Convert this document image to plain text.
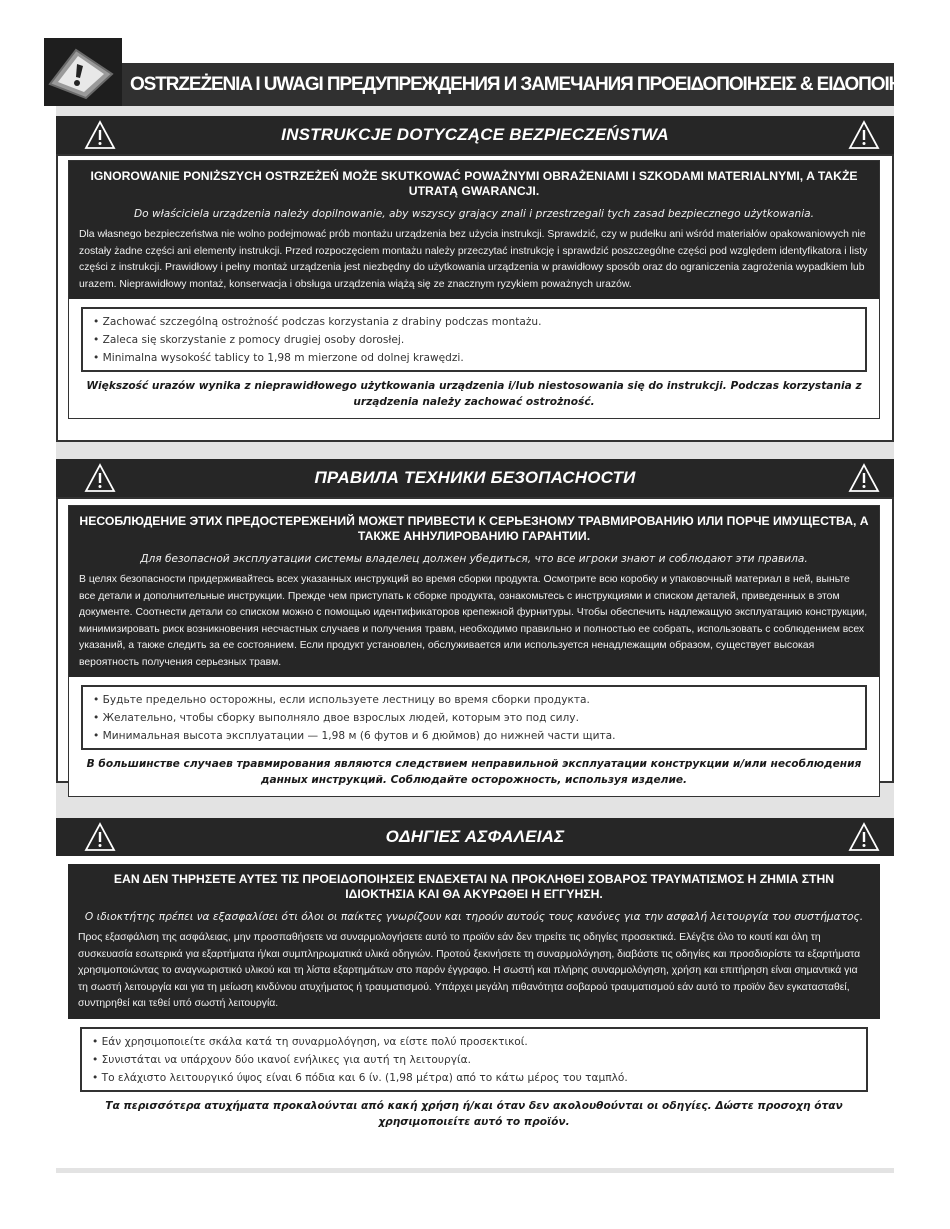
OSTRZEŻENIA I UWAGI ПРЕДУПРЕЖДЕНИЯ И ЗАМЕЧАНИЯ ΠΡΟΕΙΔΟΠΟΙΗΣΕΙΣ & ΕΙΔΟΠΟΙΗΣΕΙΣ
INSTRUKCJE DOTYCZĄCE BEZPIECZEŃSTWA
IGNOROWANIE PONIŻSZYCH OSTRZEŻEŃ MOŻE SKUTKOWAĆ POWAŻNYMI OBRAŻENIAMI I SZKODAMI MATERIALNYMI, A TAKŻE UTRATĄ GWARANCJI.
Do właściciela urządzenia należy dopilnowanie, aby wszyscy grający znali i przestrzegali tych zasad bezpiecznego użytkowania.
Dla własnego bezpieczeństwa nie wolno podejmować prób montażu urządzenia bez użycia instrukcji. Sprawdzić, czy w pudełku ani wśród materiałów opakowaniowych nie zostały żadne części ani elementy instrukcji. Przed rozpoczęciem montażu należy przeczytać instrukcję i sprawdzić poszczególne części pod względem identyfikatora i listy części z instrukcji. Prawidłowy i pełny montaż urządzenia jest niezbędny do użytkowania urządzenia w prawidłowy sposób oraz do ograniczenia zagrożenia wypadkiem lub urazem. Nieprawidłowy montaż, konserwacja i obsługa urządzenia wiążą się ze znacznym ryzykiem poważnych urazów.
• Zachować szczególną ostrożność podczas korzystania z drabiny podczas montażu.
• Zaleca się skorzystanie z pomocy drugiej osoby dorosłej.
• Minimalna wysokość tablicy to 1,98 m mierzone od dolnej krawędzi.
Większość urazów wynika z nieprawidłowego użytkowania urządzenia i/lub niestosowania się do instrukcji. Podczas korzystania z urządzenia należy zachować ostrożność.
ПРАВИЛА ТЕХНИКИ БЕЗОПАСНОСТИ
НЕСОБЛЮДЕНИЕ ЭТИХ ПРЕДОСТЕРЕЖЕНИЙ МОЖЕТ ПРИВЕСТИ К СЕРЬЕЗНОМУ ТРАВМИРОВАНИЮ ИЛИ ПОРЧЕ ИМУЩЕСТВА, А ТАКЖЕ АННУЛИРОВАНИЮ ГАРАНТИИ.
Для безопасной эксплуатации системы владелец должен убедиться, что все игроки знают и соблюдают эти правила.
В целях безопасности придерживайтесь всех указанных инструкций во время сборки продукта. Осмотрите всю коробку и упаковочный материал в ней, выньте все детали и дополнительные инструкции. Прежде чем приступать к сборке продукта, ознакомьтесь с инструкциями и списком деталей, приведенных в этом документе. Соотнести детали со списком можно с помощью идентификаторов крепежной фурнитуры. Чтобы обеспечить надлежащую эксплуатацию конструкции, минимизировать риск возникновения несчастных случаев и получения травм, необходимо правильно и полностью ее собрать, использовать с соблюдением всех указаний, а также следить за ее состоянием. Если продукт установлен, обслуживается или используется ненадлежащим образом, существует высокая вероятность получения серьезных травм.
• Будьте предельно осторожны, если используете лестницу во время сборки продукта.
• Желательно, чтобы сборку выполняло двое взрослых людей, которым это под силу.
• Минимальная высота эксплуатации — 1,98 м (6 футов и 6 дюймов) до нижней части щита.
В большинстве случаев травмирования являются следствием неправильной эксплуатации конструкции и/или несоблюдения данных инструкций. Соблюдайте осторожность, используя изделие.
ΟΔΗΓΙΕΣ ΑΣΦΑΛΕΙΑΣ
ΕΑΝ ΔΕΝ ΤΗΡΗΣΕΤΕ ΑΥΤΕΣ ΤΙΣ ΠΡΟΕΙΔΟΠΟΙΗΣΕΙΣ ΕΝΔΕΧΕΤΑΙ ΝΑ ΠΡΟΚΛΗΘΕΙ ΣΟΒΑΡΟΣ ΤΡΑΥΜΑΤΙΣΜΟΣ Η ΖΗΜΙΑ ΣΤΗΝ ΙΔΙΟΚΤΗΣΙΑ ΚΑΙ ΘΑ ΑΚΥΡΩΘΕΙ Η ΕΓΓΥΗΣΗ.
Ο ιδιοκτήτης πρέπει να εξασφαλίσει ότι όλοι οι παίκτες γνωρίζουν και τηρούν αυτούς τους κανόνες για την ασφαλή λειτουργία του συστήματος.
Προς εξασφάλιση της ασφάλειας, μην προσπαθήσετε να συναρμολογήσετε αυτό το προϊόν εάν δεν τηρείτε τις οδηγίες προσεκτικά. Ελέγξτε όλο το κουτί και όλη τη συσκευασία εσωτερικά για εξαρτήματα ή/και συμπληρωματικά υλικά οδηγιών. Προτού ξεκινήσετε τη συναρμολόγηση, διαβάστε τις οδηγίες και προσδιορίστε τα εξαρτήματα χρησιμοποιώντας το αναγνωριστικό υλικού και τη λίστα εξαρτημάτων στο παρόν έγγραφο. Η σωστή και πλήρης συναρμολόγηση, χρήση και επιτήρηση είναι σημαντικά για τη σωστή λειτουργία και για τη μείωση κινδύνου ατυχήματος ή τραυματισμού. Υπάρχει μεγάλη πιθανότητα σοβαρού τραυματισμού εάν αυτό το προϊόν δεν εγκατασταθεί, συντηρηθεί και τεθεί υπό σωστή λειτουργία.
• Εάν χρησιμοποιείτε σκάλα κατά τη συναρμολόγηση, να είστε πολύ προσεκτικοί.
• Συνιστάται να υπάρχουν δύο ικανοί ενήλικες για αυτή τη λειτουργία.
• Το ελάχιστο λειτουργικό ύψος είναι 6 πόδια και 6 ίν. (1,98 μέτρα) από το κάτω μέρος του ταμπλό.
Τα περισσότερα ατυχήματα προκαλούνται από κακή χρήση ή/και όταν δεν ακολουθούνται οι οδηγίες. Δώστε προσοχη όταν χρησιμοποιείτε αυτό το προϊόν.
